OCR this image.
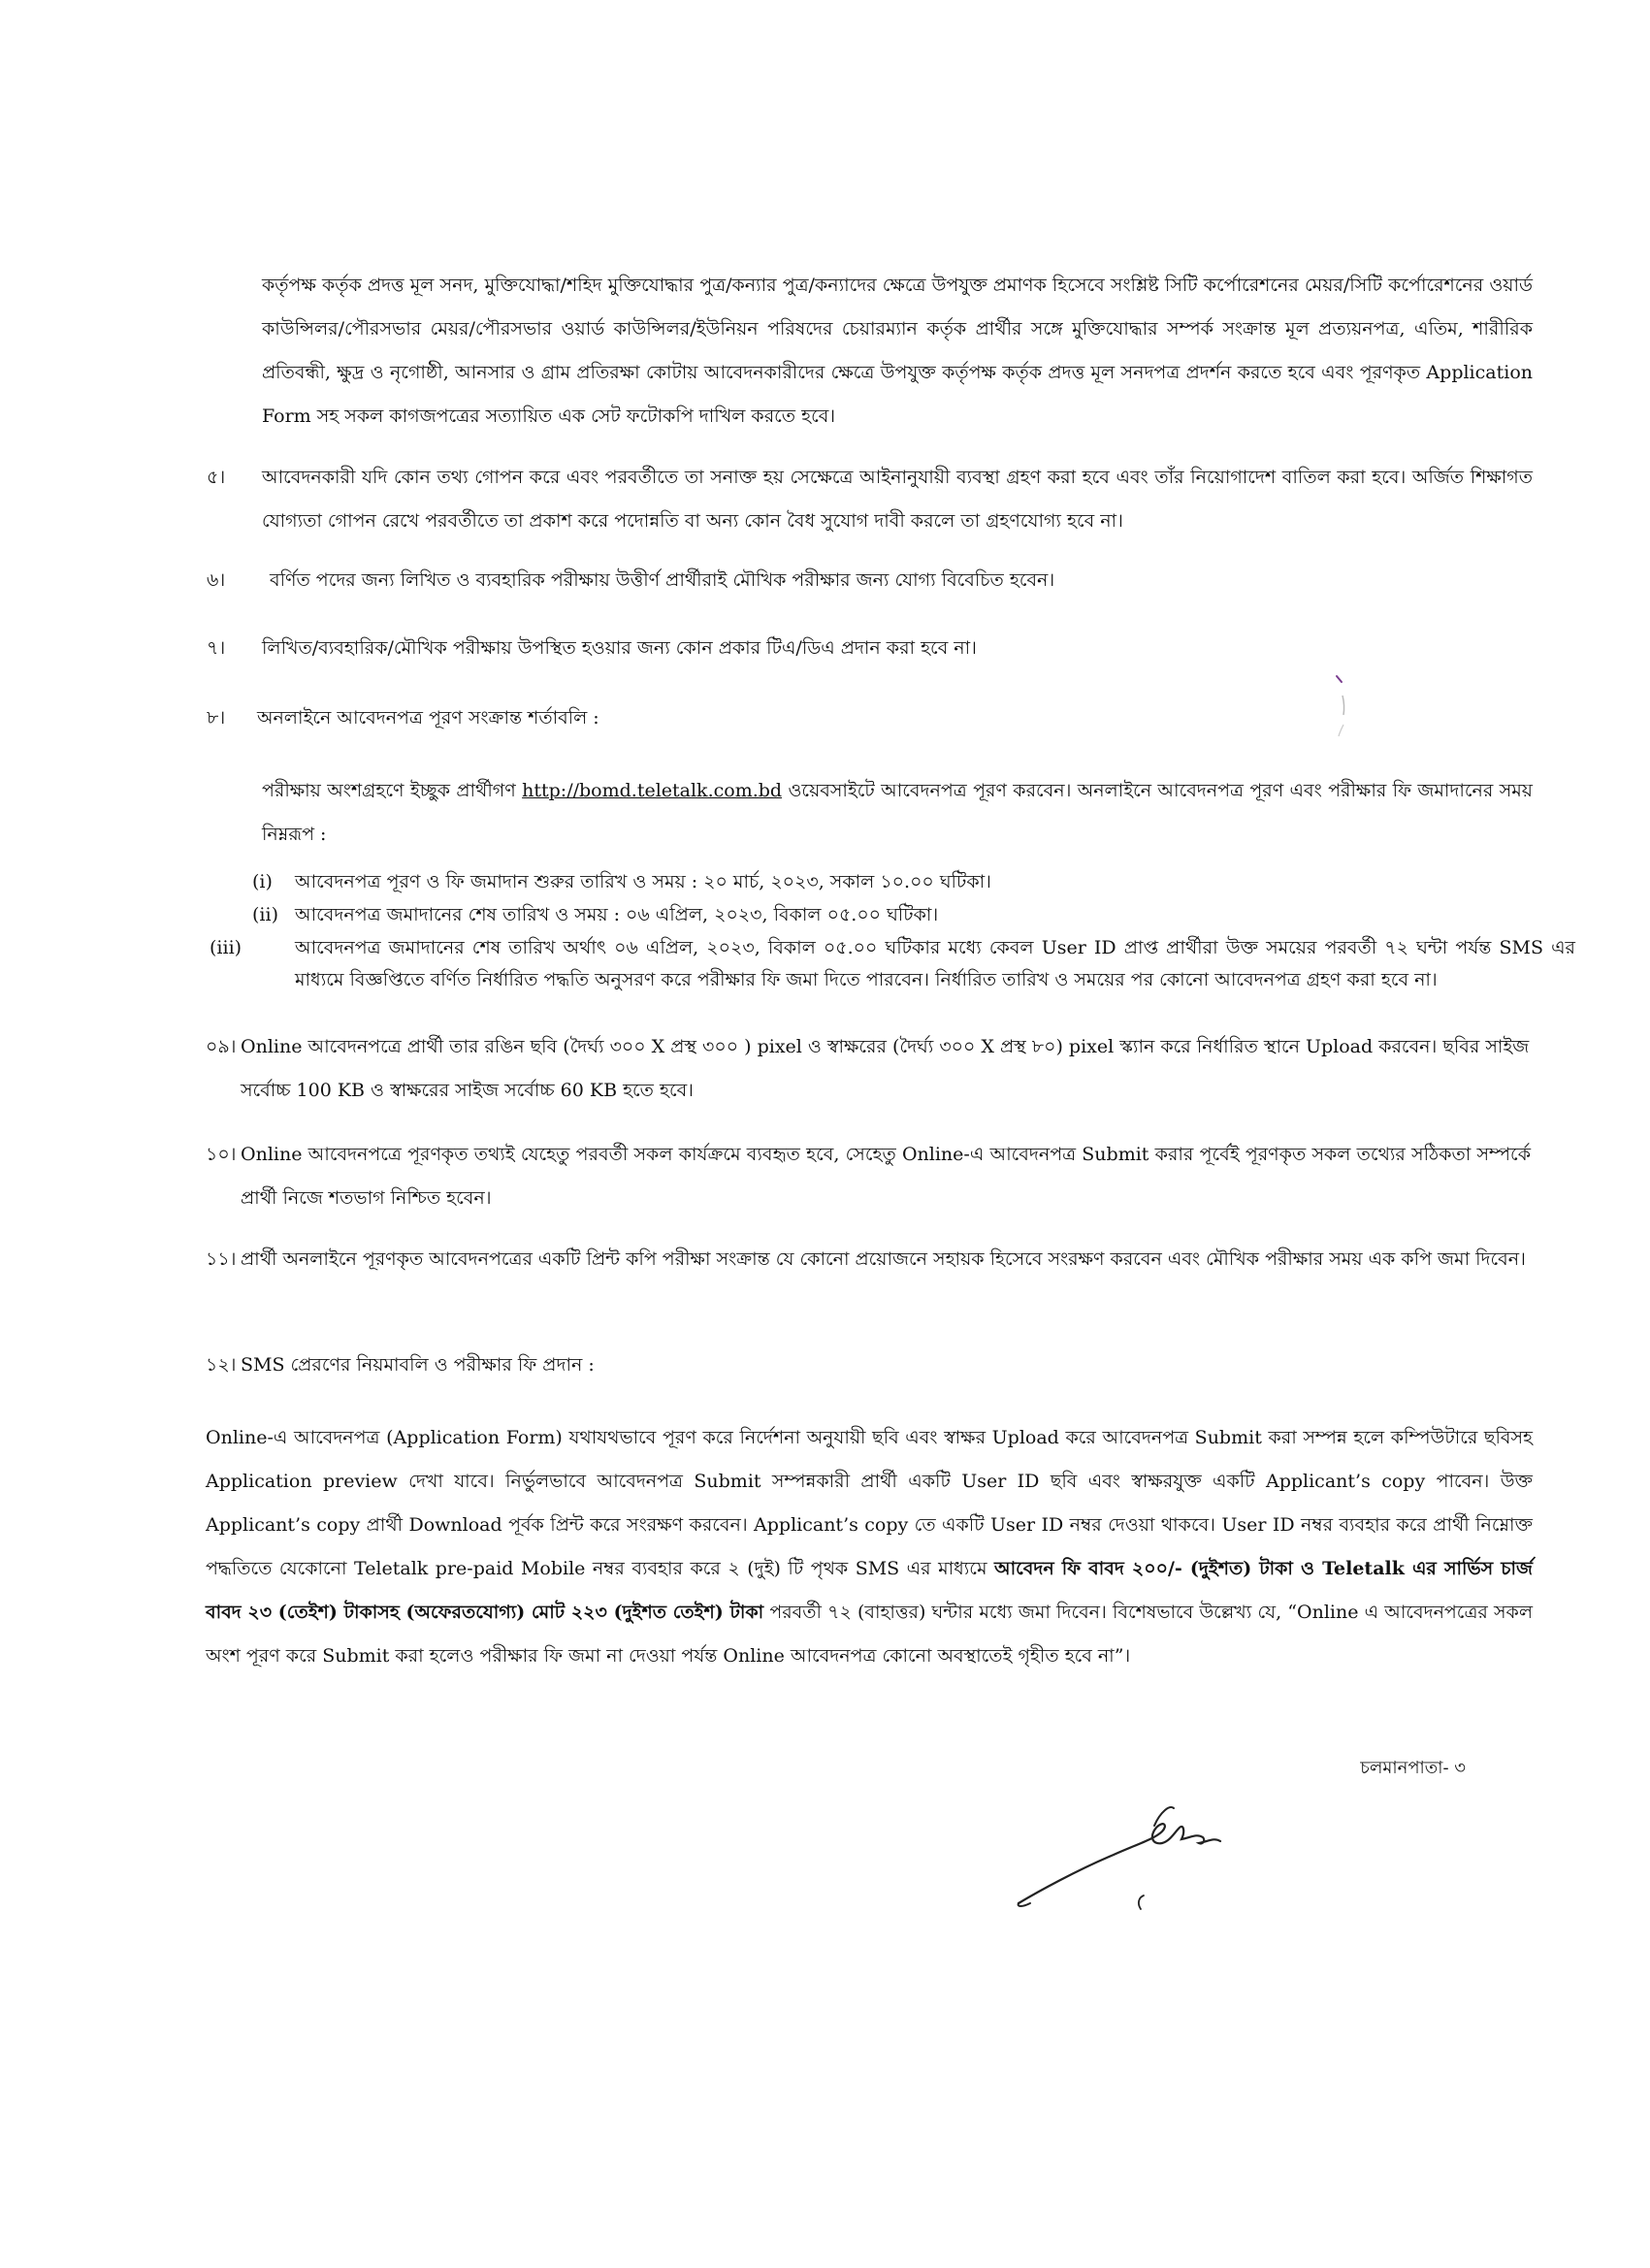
কর্তৃপক্ষ কর্তৃক প্রদত্ত মূল সনদ, মুক্তিযোদ্ধা/শহিদ মুক্তিযোদ্ধার পুত্র/কন্যার পুত্র/কন্যাদের ক্ষেত্রে উপযুক্ত প্রমাণক হিসেবে সংশ্লিষ্ট সিটি কর্পোরেশনের মেয়র/সিটি কর্পোরেশনের ওয়ার্ড কাউন্সিলর/পৌরসভার মেয়র/পৌরসভার ওয়ার্ড কাউন্সিলর/ইউনিয়ন পরিষদের চেয়ারম্যান কর্তৃক প্রার্থীর সঙ্গে মুক্তিযোদ্ধার সম্পর্ক সংক্রান্ত মূল প্রত্যয়নপত্র, এতিম, শারীরিক প্রতিবন্ধী, ক্ষুদ্র ও নৃগোষ্ঠী, আনসার ও গ্রাম প্রতিরক্ষা কোটায় আবেদনকারীদের ক্ষেত্রে উপযুক্ত কর্তৃপক্ষ কর্তৃক প্রদত্ত মূল সনদপত্র প্রদর্শন করতে হবে এবং পূরণকৃত Application Form সহ সকল কাগজপত্রের সত্যায়িত এক সেট ফটোকপি দাখিল করতে হবে।
৫। আবেদনকারী যদি কোন তথ্য গোপন করে এবং পরবর্তীতে তা সনাক্ত হয় সেক্ষেত্রে আইনানুযায়ী ব্যবস্থা গ্রহণ করা হবে এবং তাঁর নিয়োগাদেশ বাতিল করা হবে। অর্জিত শিক্ষাগত যোগ্যতা গোপন রেখে পরবর্তীতে তা প্রকাশ করে পদোন্নতি বা অন্য কোন বৈধ সুযোগ দাবী করলে তা গ্রহণযোগ্য হবে না।
৬। বর্ণিত পদের জন্য লিখিত ও ব্যবহারিক পরীক্ষায় উত্তীর্ণ প্রার্থীরাই মৌখিক পরীক্ষার জন্য যোগ্য বিবেচিত হবেন।
৭। লিখিত/ব্যবহারিক/মৌখিক পরীক্ষায় উপস্থিত হওয়ার জন্য কোন প্রকার টিএ/ডিএ প্রদান করা হবে না।
৮। অনলাইনে আবেদনপত্র পূরণ সংক্রান্ত শর্তাবলি :
পরীক্ষায় অংশগ্রহণে ইচ্ছুক প্রার্থীগণ http://bomd.teletalk.com.bd ওয়েবসাইটে আবেদনপত্র পূরণ করবেন। অনলাইনে আবেদনপত্র পূরণ এবং পরীক্ষার ফি জমাদানের সময় নিম্নরূপ :
(i) আবেদনপত্র পূরণ ও ফি জমাদান শুরুর তারিখ ও সময় : ২০ মার্চ, ২০২৩, সকাল ১০.০০ ঘটিকা।
(ii) আবেদনপত্র জমাদানের শেষ তারিখ ও সময় : ০৬ এপ্রিল, ২০২৩, বিকাল ০৫.০০ ঘটিকা।
(iii)	আবেদনপত্র জমাদানের শেষ তারিখ অর্থাৎ ০৬ এপ্রিল, ২০২৩, বিকাল ০৫.০০ ঘটিকার মধ্যে কেবল User ID প্রাপ্ত প্রার্থীরা উক্ত সময়ের পরবর্তী ৭২ ঘন্টা পর্যন্ত SMS এর মাধ্যমে বিজ্ঞপ্তিতে বর্ণিত নির্ধারিত পদ্ধতি অনুসরণ করে পরীক্ষার ফি জমা দিতে পারবেন। নির্ধারিত তারিখ ও সময়ের পর কোনো আবেদনপত্র গ্রহণ করা হবে না।
০৯। Online আবেদনপত্রে প্রার্থী তার রঙিন ছবি (দৈর্ঘ্য ৩০০ X প্রস্থ ৩০০ ) pixel ও স্বাক্ষরের (দৈর্ঘ্য ৩০০ X প্রস্থ ৮০) pixel স্ক্যান করে নির্ধারিত স্থানে Upload করবেন। ছবির সাইজ সর্বোচ্চ 100 KB ও স্বাক্ষরের সাইজ সর্বোচ্চ 60 KB হতে হবে।
১০। Online আবেদনপত্রে পূরণকৃত তথ্যই যেহেতু পরবর্তী সকল কার্যক্রমে ব্যবহৃত হবে, সেহেতু Online-এ আবেদনপত্র Submit করার পূর্বেই পূরণকৃত সকল তথ্যের সঠিকতা সম্পর্কে প্রার্থী নিজে শতভাগ নিশ্চিত হবেন।
১১। প্রার্থী অনলাইনে পূরণকৃত আবেদনপত্রের একটি প্রিন্ট কপি পরীক্ষা সংক্রান্ত যে কোনো প্রয়োজনে সহায়ক হিসেবে সংরক্ষণ করবেন এবং মৌখিক পরীক্ষার সময় এক কপি জমা দিবেন।
১২। SMS প্রেরণের নিয়মাবলি ও পরীক্ষার ফি প্রদান :
Online-এ আবেদনপত্র (Application Form) যথাযথভাবে পূরণ করে নির্দেশনা অনুযায়ী ছবি এবং স্বাক্ষর Upload করে আবেদনপত্র Submit করা সম্পন্ন হলে কম্পিউটারে ছবিসহ Application preview দেখা যাবে। নির্ভুলভাবে আবেদনপত্র Submit সম্পন্নকারী প্রার্থী একটি User ID ছবি এবং স্বাক্ষরযুক্ত একটি Applicant’s copy পাবেন। উক্ত Applicant’s copy প্রার্থী Download পূর্বক প্রিন্ট করে সংরক্ষণ করবেন। Applicant’s copy তে একটি User ID নম্বর দেওয়া থাকবে। User ID নম্বর ব্যবহার করে প্রার্থী নিম্নোক্ত পদ্ধতিতে যেকোনো Teletalk pre-paid Mobile নম্বর ব্যবহার করে ২ (দুই) টি পৃথক SMS এর মাধ্যমে আবেদন ফি বাবদ ২০০/- (দুইশত) টাকা ও Teletalk এর সার্ভিস চার্জ বাবদ ২৩ (তেইশ) টাকাসহ (অফেরতযোগ্য) মোট ২২৩ (দুইশত তেইশ) টাকা পরবর্তী ৭২ (বাহাত্তর) ঘন্টার মধ্যে জমা দিবেন। বিশেষভাবে উল্লেখ্য যে, “Online এ আবেদনপত্রের সকল অংশ পূরণ করে Submit করা হলেও পরীক্ষার ফি জমা না দেওয়া পর্যন্ত Online আবেদনপত্র কোনো অবস্থাতেই গৃহীত হবে না”।
চলমানপাতা- ৩
